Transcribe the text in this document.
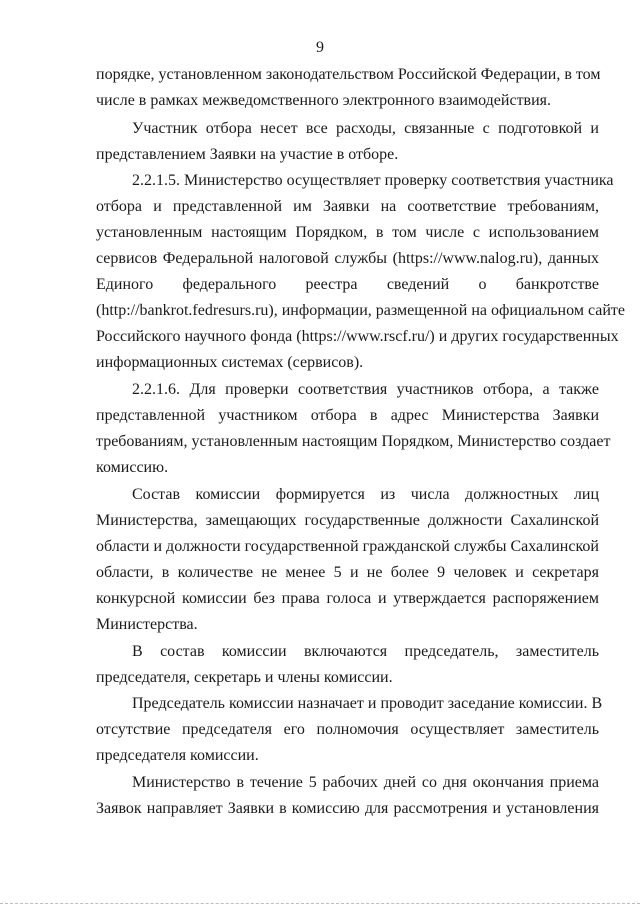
9
порядке, установленном законодательством Российской Федерации, в том
числе в рамках межведомственного электронного взаимодействия.
Участник отбора несет все расходы, связанные с подготовкой и
представлением Заявки на участие в отборе.
2.2.1.5. Министерство осуществляет проверку соответствия участника
отбора и представленной им Заявки на соответствие требованиям,
установленным настоящим Порядком, в том числе с использованием
сервисов Федеральной налоговой службы (https://www.nalog.ru), данных
Единого федерального реестра сведений о банкротстве
(http://bankrot.fedresurs.ru), информации, размещенной на официальном сайте
Российского научного фонда (https://www.rscf.ru/) и других государственных
информационных системах (сервисов).
2.2.1.6. Для проверки соответствия участников отбора, а также
представленной участником отбора в адрес Министерства Заявки
требованиям, установленным настоящим Порядком, Министерство создает
комиссию.
Состав комиссии формируется из числа должностных лиц
Министерства, замещающих государственные должности Сахалинской
области и должности государственной гражданской службы Сахалинской
области, в количестве не менее 5 и не более 9 человек и секретаря
конкурсной комиссии без права голоса и утверждается распоряжением
Министерства.
В состав комиссии включаются председатель, заместитель
председателя, секретарь и члены комиссии.
Председатель комиссии назначает и проводит заседание комиссии. В
отсутствие председателя его полномочия осуществляет заместитель
председателя комиссии.
Министерство в течение 5 рабочих дней со дня окончания приема
Заявок направляет Заявки в комиссию для рассмотрения и установления
